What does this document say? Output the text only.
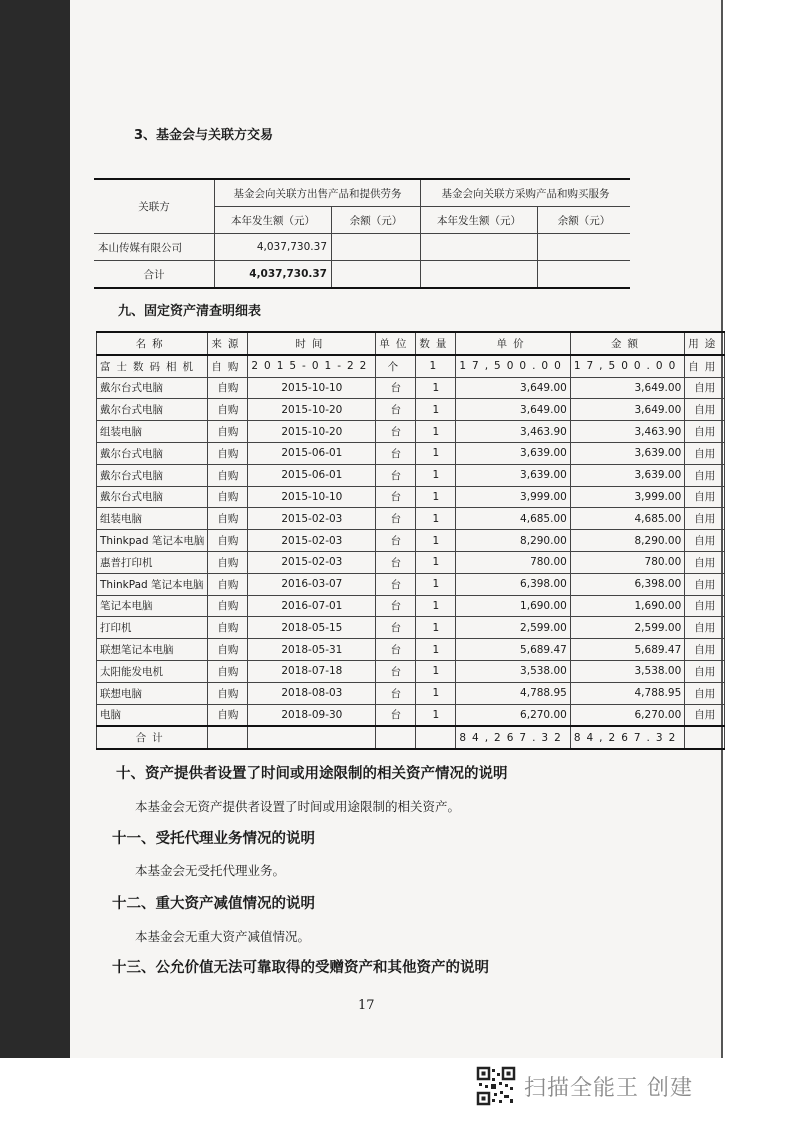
3、基金会与关联方交易
关联方	基金会向关联方出售产品和提供劳务		基金会向关联方采购产品和购买服务	
	本年发生额（元）	余额（元）	本年发生额（元）	余额（元）
本山传媒有限公司	4,037,730.37			
合计	4,037,730.37			
九、固定资产清查明细表
名称	来源	时间	单位	数量	单价	金额	用途
富士数码相机	自购	2015-01-22	个	1	17,500.00	17,500.00	自用
戴尔台式电脑	自购	2015-10-10	台	1	3,649.00	3,649.00	自用
戴尔台式电脑	自购	2015-10-20	台	1	3,649.00	3,649.00	自用
组装电脑	自购	2015-10-20	台	1	3,463.90	3,463.90	自用
戴尔台式电脑	自购	2015-06-01	台	1	3,639.00	3,639.00	自用
戴尔台式电脑	自购	2015-06-01	台	1	3,639.00	3,639.00	自用
戴尔台式电脑	自购	2015-10-10	台	1	3,999.00	3,999.00	自用
组装电脑	自购	2015-02-03	台	1	4,685.00	4,685.00	自用
Thinkpad 笔记本电脑	自购	2015-02-03	台	1	8,290.00	8,290.00	自用
惠普打印机	自购	2015-02-03	台	1	780.00	780.00	自用
ThinkPad 笔记本电脑	自购	2016-03-07	台	1	6,398.00	6,398.00	自用
笔记本电脑	自购	2016-07-01	台	1	1,690.00	1,690.00	自用
打印机	自购	2018-05-15	台	1	2,599.00	2,599.00	自用
联想笔记本电脑	自购	2018-05-31	台	1	5,689.47	5,689.47	自用
太阳能发电机	自购	2018-07-18	台	1	3,538.00	3,538.00	自用
联想电脑	自购	2018-08-03	台	1	4,788.95	4,788.95	自用
电脑	自购	2018-09-30	台	1	6,270.00	6,270.00	自用
合计					84,267.32	84,267.32	
十、资产提供者设置了时间或用途限制的相关资产情况的说明
本基金会无资产提供者设置了时间或用途限制的相关资产。
十一、受托代理业务情况的说明
本基金会无受托代理业务。
十二、重大资产减值情况的说明
本基金会无重大资产减值情况。
十三、公允价值无法可靠取得的受赠资产和其他资产的说明
17
扫描全能王 创建
